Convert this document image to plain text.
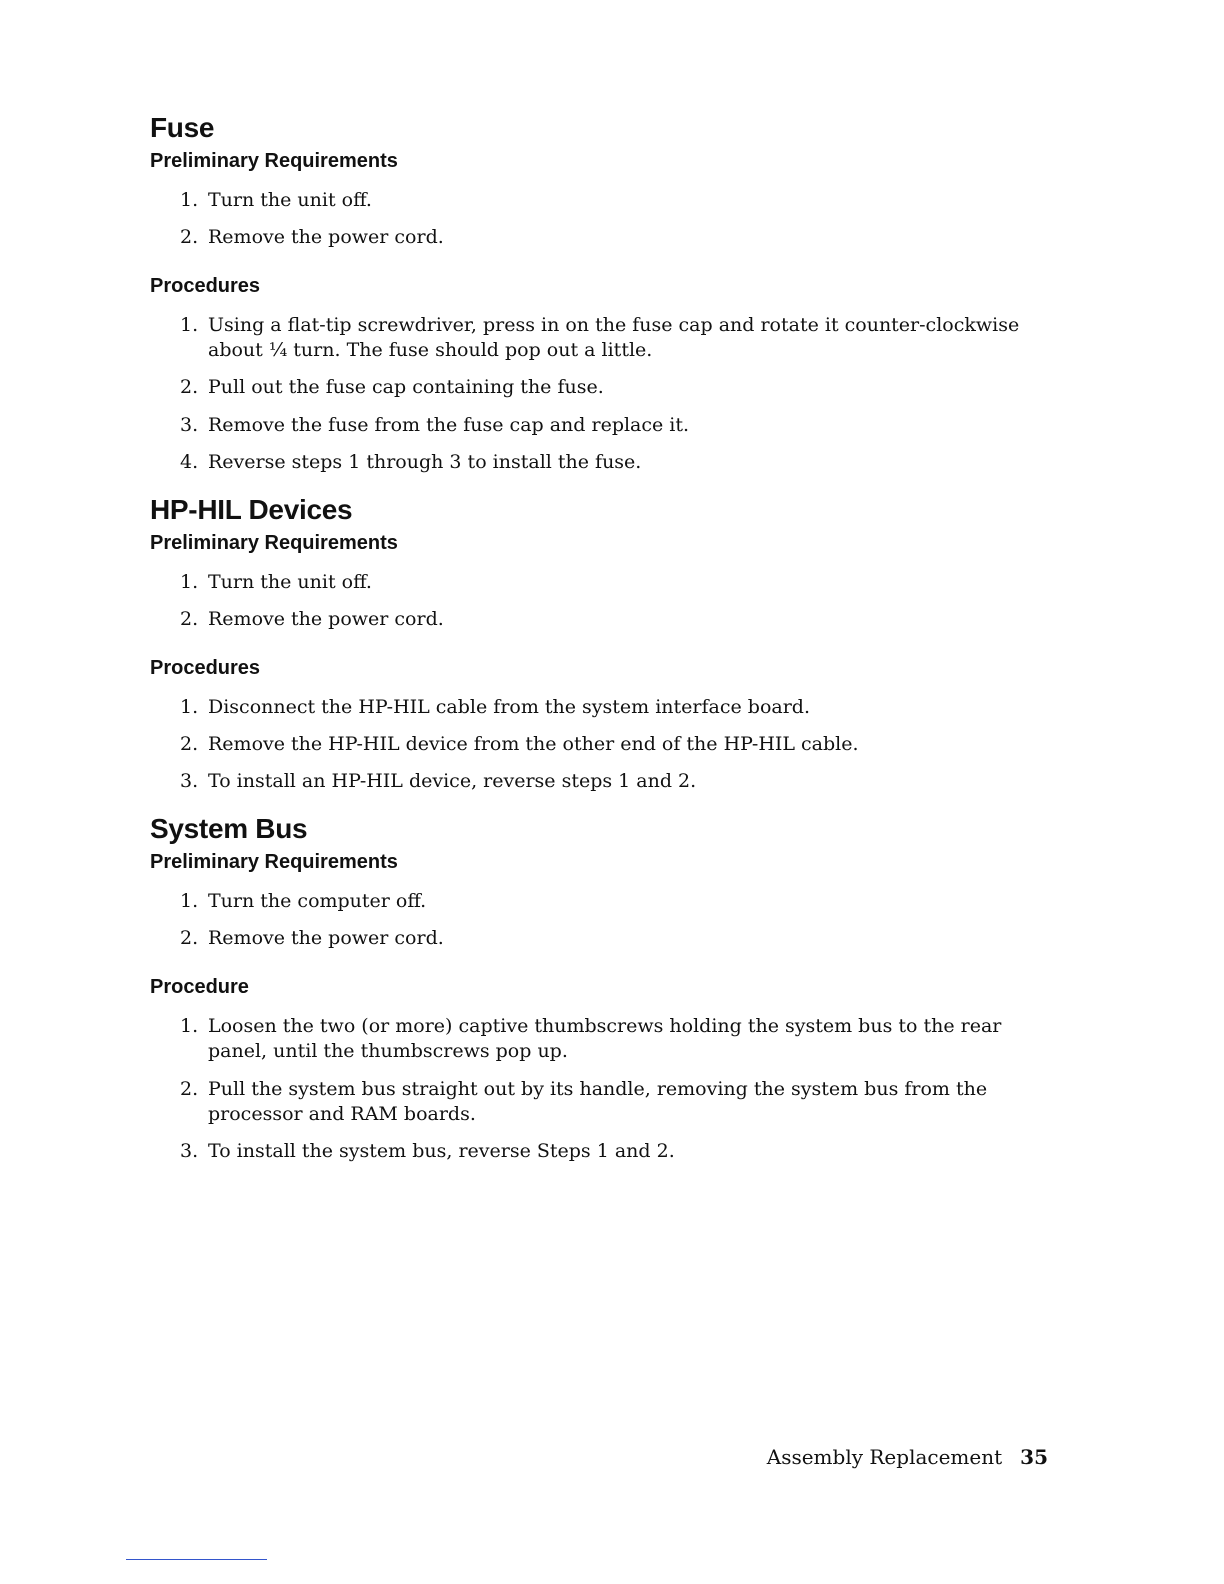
Fuse
Preliminary Requirements
1. Turn the unit off.
2. Remove the power cord.
Procedures
1. Using a flat-tip screwdriver, press in on the fuse cap and rotate it counter-clockwise about ¼ turn. The fuse should pop out a little.
2. Pull out the fuse cap containing the fuse.
3. Remove the fuse from the fuse cap and replace it.
4. Reverse steps 1 through 3 to install the fuse.
HP-HIL Devices
Preliminary Requirements
1. Turn the unit off.
2. Remove the power cord.
Procedures
1. Disconnect the HP-HIL cable from the system interface board.
2. Remove the HP-HIL device from the other end of the HP-HIL cable.
3. To install an HP-HIL device, reverse steps 1 and 2.
System Bus
Preliminary Requirements
1. Turn the computer off.
2. Remove the power cord.
Procedure
1. Loosen the two (or more) captive thumbscrews holding the system bus to the rear panel, until the thumbscrews pop up.
2. Pull the system bus straight out by its handle, removing the system bus from the processor and RAM boards.
3. To install the system bus, reverse Steps 1 and 2.
Assembly Replacement 35
